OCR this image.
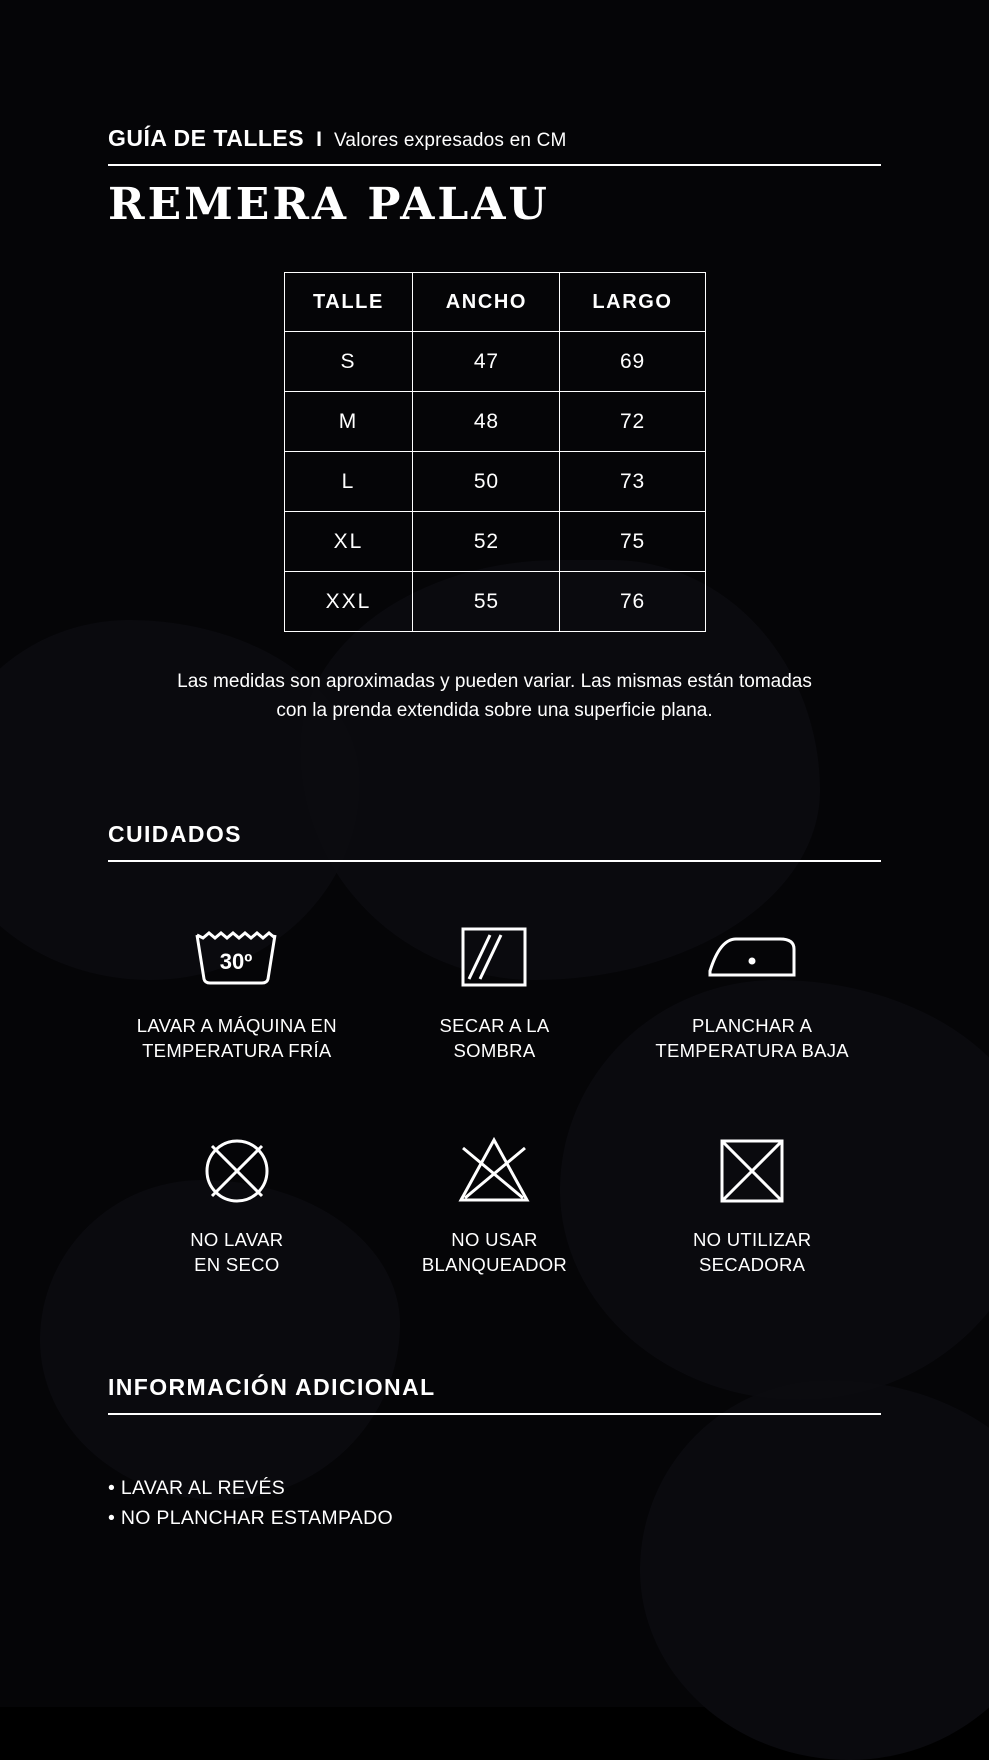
GUÍA DE TALLES I Valores expresados en CM
REMERA PALAU
TALLE	ANCHO	LARGO
S	47	69
M	48	72
L	50	73
XL	52	75
XXL	55	76
Las medidas son aproximadas y pueden variar. Las mismas están tomadas
con la prenda extendida sobre una superficie plana.
CUIDADOS
30º
LAVAR A MÁQUINA EN
TEMPERATURA FRÍA
SECAR A LA
SOMBRA
PLANCHAR A
TEMPERATURA BAJA
NO LAVAR
EN SECO
NO USAR
BLANQUEADOR
NO UTILIZAR
SECADORA
INFORMACIÓN ADICIONAL
• LAVAR AL REVÉS
• NO PLANCHAR ESTAMPADO
